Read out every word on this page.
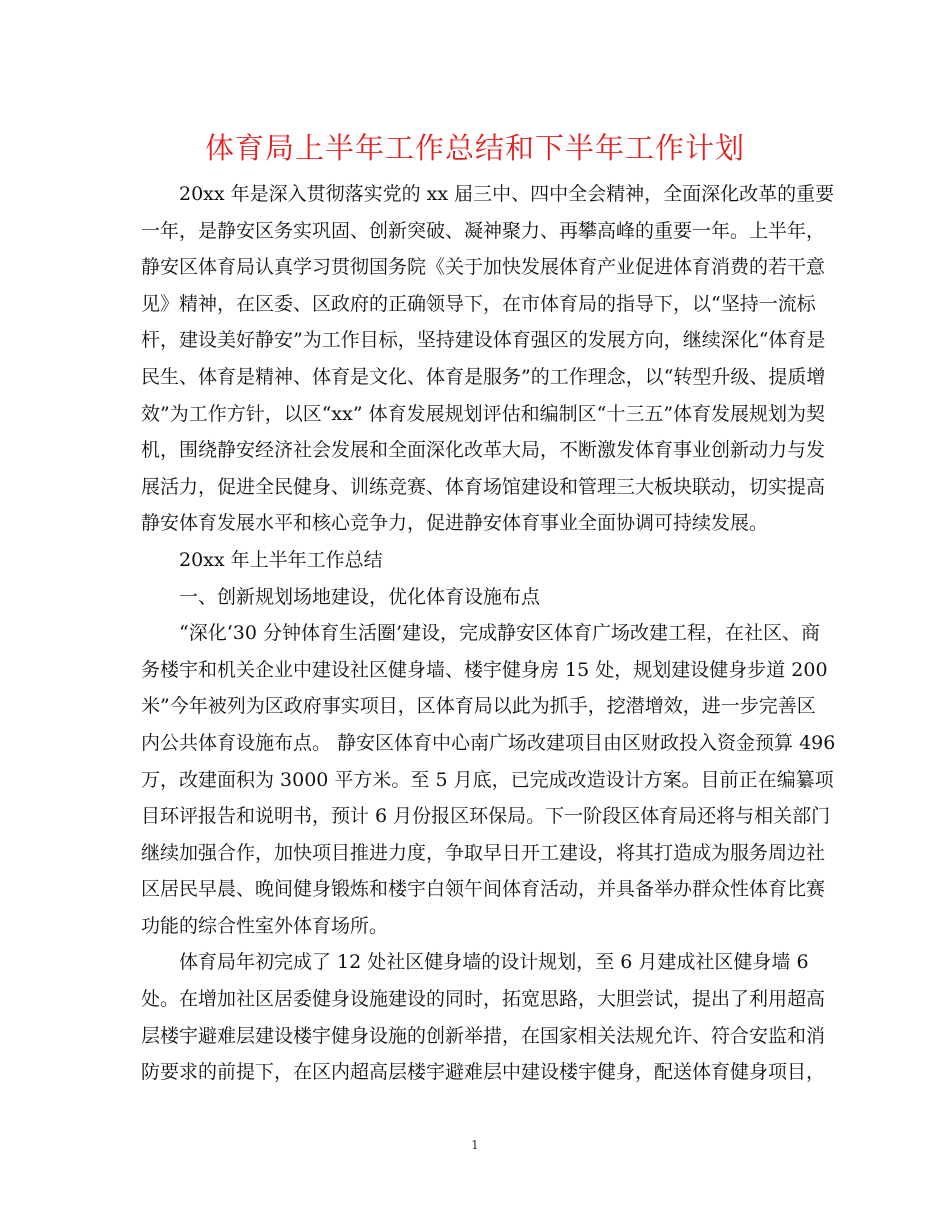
体育局上半年工作总结和下半年工作计划

20xx 年是深入贯彻落实党的 xx 届三中、四中全会精神，全面深化改革的重要
一年，是静安区务实巩固、创新突破、凝神聚力、再攀高峰的重要一年。上半年，
静安区体育局认真学习贯彻国务院《关于加快发展体育产业促进体育消费的若干意
见》精神，在区委、区政府的正确领导下，在市体育局的指导下，以“坚持一流标
杆，建设美好静安”为工作目标，坚持建设体育强区的发展方向，继续深化“体育是
民生、体育是精神、体育是文化、体育是服务”的工作理念，以“转型升级、提质增
效”为工作方针，以区“xx” 体育发展规划评估和编制区“十三五”体育发展规划为契
机，围绕静安经济社会发展和全面深化改革大局，不断激发体育事业创新动力与发
展活力，促进全民健身、训练竞赛、体育场馆建设和管理三大板块联动，切实提高
静安体育发展水平和核心竞争力，促进静安体育事业全面协调可持续发展。

20xx 年上半年工作总结

一、创新规划场地建设，优化体育设施布点

“深化‘30 分钟体育生活圈’建设，完成静安区体育广场改建工程，在社区、商
务楼宇和机关企业中建设社区健身墙、楼宇健身房 15 处，规划建设健身步道 200
米”今年被列为区政府事实项目，区体育局以此为抓手，挖潜增效，进一步完善区
内公共体育设施布点。 静安区体育中心南广场改建项目由区财政投入资金预算 496
万，改建面积为 3000 平方米。至 5 月底，已完成改造设计方案。目前正在编纂项
目环评报告和说明书，预计 6 月份报区环保局。下一阶段区体育局还将与相关部门
继续加强合作，加快项目推进力度，争取早日开工建设，将其打造成为服务周边社
区居民早晨、晚间健身锻炼和楼宇白领午间体育活动，并具备举办群众性体育比赛
功能的综合性室外体育场所。

体育局年初完成了 12 处社区健身墙的设计规划，至 6 月建成社区健身墙 6
处。在增加社区居委健身设施建设的同时，拓宽思路，大胆尝试，提出了利用超高
层楼宇避难层建设楼宇健身设施的创新举措，在国家相关法规允许、符合安监和消
防要求的前提下，在区内超高层楼宇避难层中建设楼宇健身，配送体育健身项目，

1
